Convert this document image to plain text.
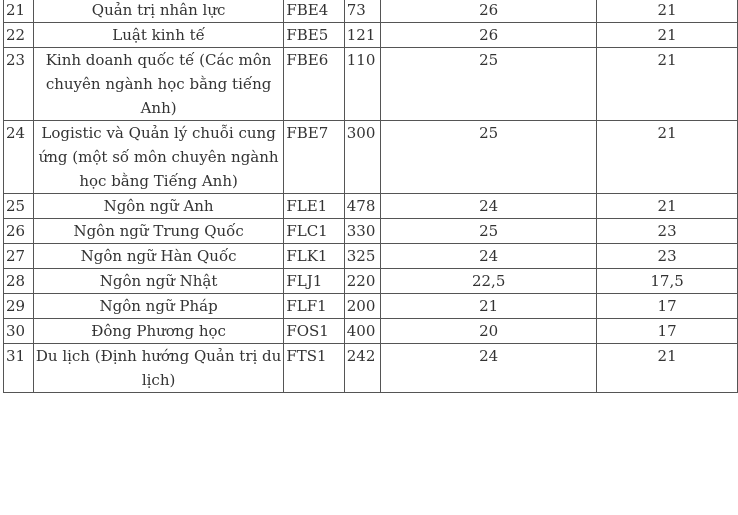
21	Quản trị nhân lực	FBE4	73	26	21
22	Luật kinh tế	FBE5	121	26	21
23	Kinh doanh quốc tế (Các môn chuyên ngành học bằng tiếng Anh)	FBE6	110	25	21
24	Logistic và Quản lý chuỗi cung ứng (một số môn chuyên ngành học bằng Tiếng Anh)	FBE7	300	25	21
25	Ngôn ngữ Anh	FLE1	478	24	21
26	Ngôn ngữ Trung Quốc	FLC1	330	25	23
27	Ngôn ngữ Hàn Quốc	FLK1	325	24	23
28	Ngôn ngữ Nhật	FLJ1	220	22,5	17,5
29	Ngôn ngữ Pháp	FLF1	200	21	17
30	Đông Phương học	FOS1	400	20	17
31	Du lịch (Định hướng Quản trị du lịch)	FTS1	242	24	21
